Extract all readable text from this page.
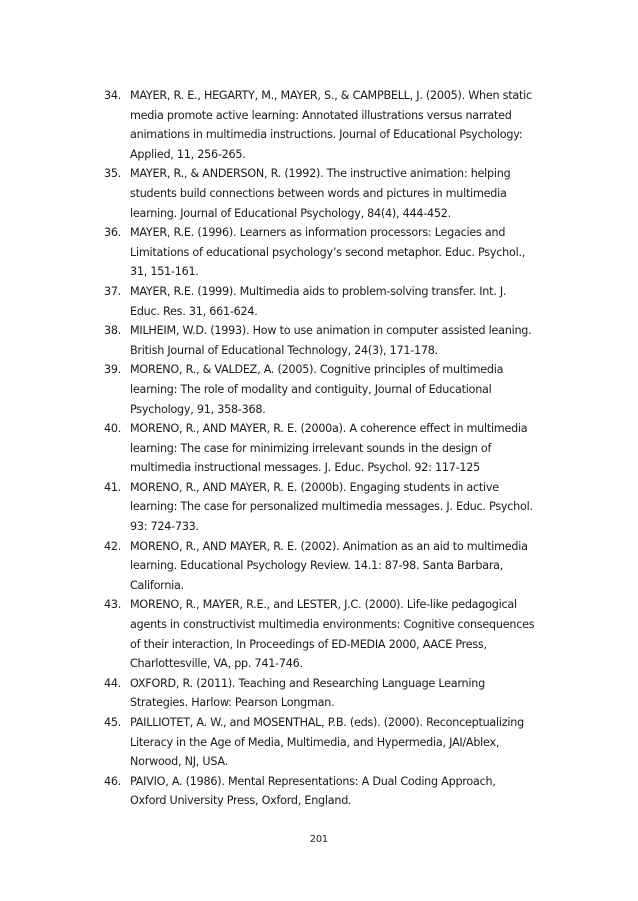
34. MAYER, R. E., HEGARTY, M., MAYER, S., & CAMPBELL, J. (2005). When static
media promote active learning: Annotated illustrations versus narrated
animations in multimedia instructions. Journal of Educational Psychology:
Applied, 11, 256-265.
35. MAYER, R., & ANDERSON, R. (1992). The instructive animation: helping
students build connections between words and pictures in multimedia
learning. Journal of Educational Psychology, 84(4), 444-452.
36. MAYER, R.E. (1996). Learners as information processors: Legacies and
Limitations of educational psychology’s second metaphor. Educ. Psychol.,
31, 151-161.
37. MAYER, R.E. (1999). Multimedia aids to problem-solving transfer. Int. J.
Educ. Res. 31, 661-624.
38. MILHEIM, W.D. (1993). How to use animation in computer assisted leaning.
British Journal of Educational Technology, 24(3), 171-178.
39. MORENO, R., & VALDEZ, A. (2005). Cognitive principles of multimedia
learning: The role of modality and contiguity, Journal of Educational
Psychology, 91, 358-368.
40. MORENO, R., AND MAYER, R. E. (2000a). A coherence effect in multimedia
learning: The case for minimizing irrelevant sounds in the design of
multimedia instructional messages. J. Educ. Psychol. 92: 117-125
41. MORENO, R., AND MAYER, R. E. (2000b). Engaging students in active
learning: The case for personalized multimedia messages. J. Educ. Psychol.
93: 724-733.
42. MORENO, R., AND MAYER, R. E. (2002). Animation as an aid to multimedia
learning. Educational Psychology Review. 14.1: 87-98. Santa Barbara,
California.
43. MORENO, R., MAYER, R.E., and LESTER, J.C. (2000). Life-like pedagogical
agents in constructivist multimedia environments: Cognitive consequences
of their interaction, In Proceedings of ED-MEDIA 2000, AACE Press,
Charlottesville, VA, pp. 741-746.
44. OXFORD, R. (2011). Teaching and Researching Language Learning
Strategies. Harlow: Pearson Longman.
45. PAILLIOTET, A. W., and MOSENTHAL, P.B. (eds). (2000). Reconceptualizing
Literacy in the Age of Media, Multimedia, and Hypermedia, JAI/Ablex,
Norwood, NJ, USA.
46. PAIVIO, A. (1986). Mental Representations: A Dual Coding Approach,
Oxford University Press, Oxford, England.
201
